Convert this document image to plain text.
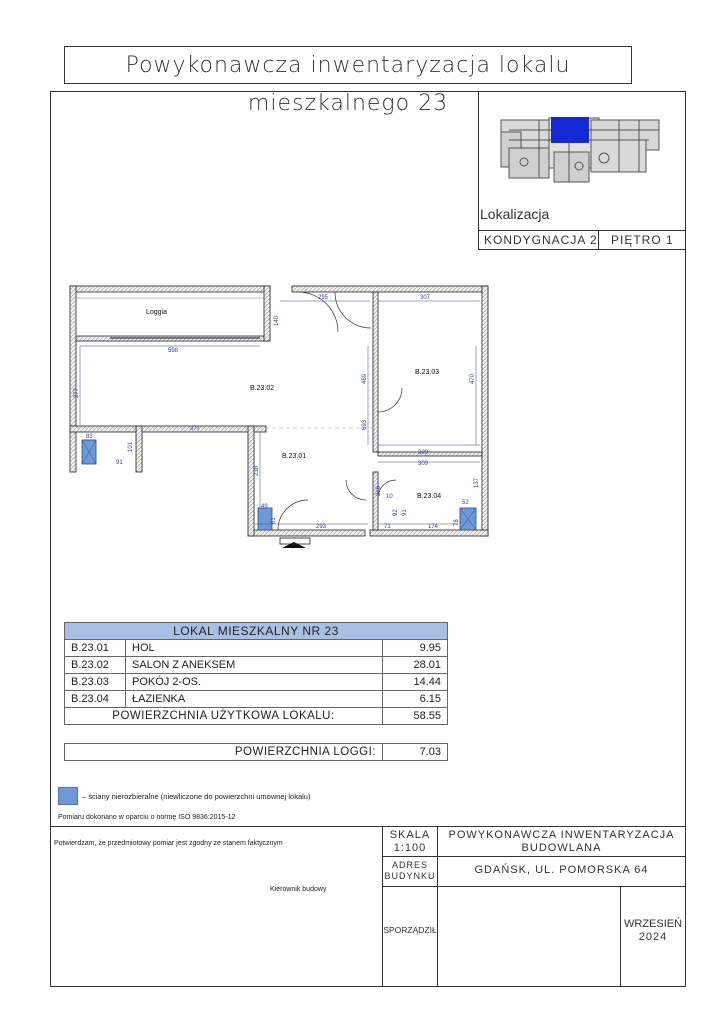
Powykonawcza inwentaryzacja lokalu mieszkalnego 23
Lokalizacja
KONDYGNACJA 2 PIĘTRO 1
Loggia
B.23.02
B.23.03
B.23.01
B.23.04
295	307
598
140
469	470
277
693
377
83
101
91
238
309
309
216
10
137
52
78
49
61
293	71
92 91
174
LOKAL MIESZKALNY NR 23		
B.23.01	HOL	9.95
B.23.02	SALON Z ANEKSEM	28.01
B.23.03	POKÓJ 2-OS.	14.44
B.23.04	ŁAZIENKA	6.15
POWIERZCHNIA UŻYTKOWA LOKALU:		58.55
POWIERZCHNIA LOGGI:	7.03
– ściany nierozbieralne (niewliczone do powierzchni umownej lokalu)
Pomiaru dokonano w oparciu o normę ISO 9836:2015-12
Potwierdzam, że przedmiotowy pomiar jest zgodny ze stanem faktycznym
Kierownik budowy
SKALA
1:100
POWYKONAWCZA INWENTARYZACJA
BUDOWLANA
ADRES
BUDYNKU	GDAŃSK, UL. POMORSKA 64
SPORZĄDZIŁ	WRZESIEŃ
2024
